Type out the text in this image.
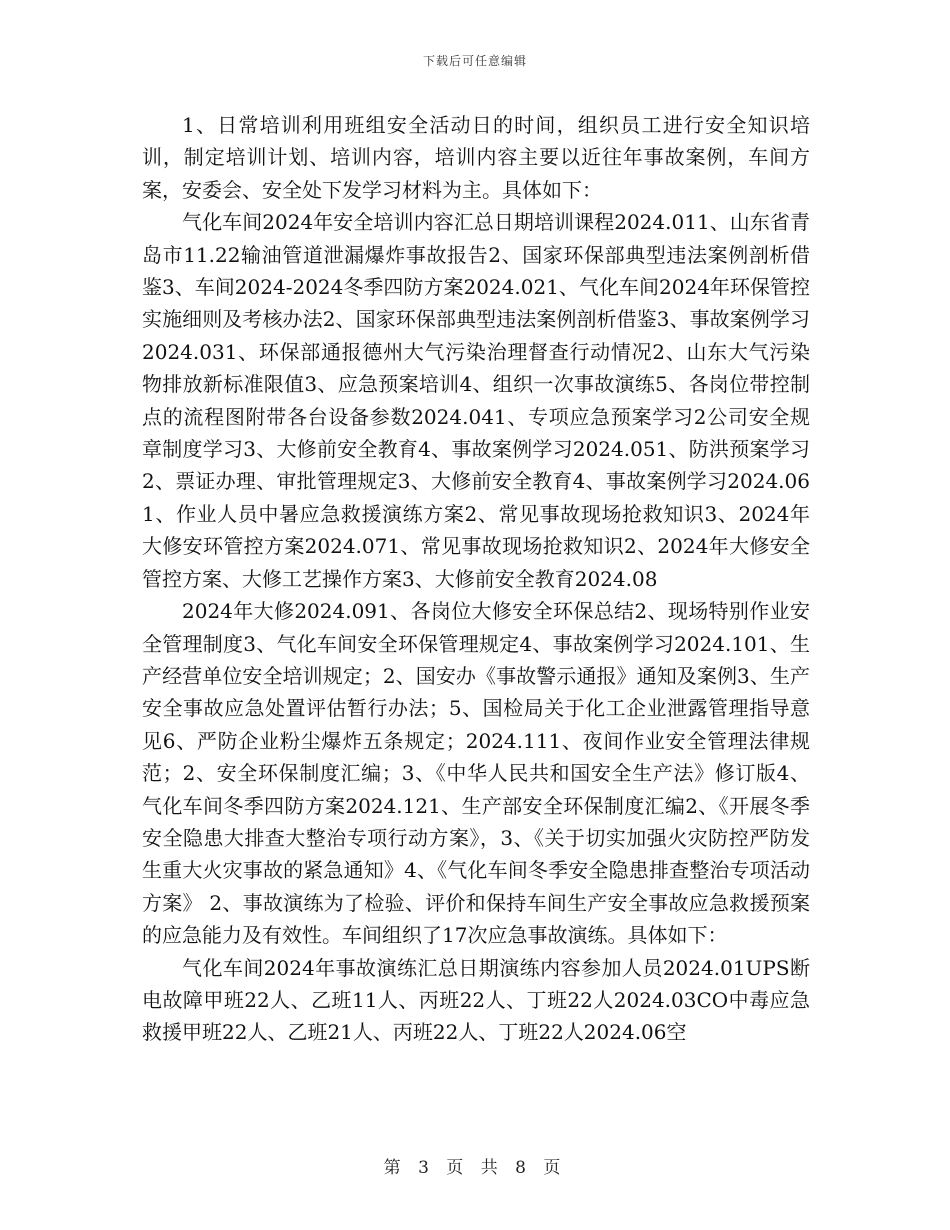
下载后可任意编辑

1、日常培训利用班组安全活动日的时间，组织员工进行安全知识培训，制定培训计划、培训内容，培训内容主要以近往年事故案例，车间方案，安委会、安全处下发学习材料为主。具体如下：

气化车间2024年安全培训内容汇总日期培训课程2024.011、山东省青岛市11.22输油管道泄漏爆炸事故报告2、国家环保部典型违法案例剖析借鉴3、车间2024-2024冬季四防方案2024.021、气化车间2024年环保管控实施细则及考核办法2、国家环保部典型违法案例剖析借鉴3、事故案例学习2024.031、环保部通报德州大气污染治理督查行动情况2、山东大气污染物排放新标准限值3、应急预案培训4、组织一次事故演练5、各岗位带控制点的流程图附带各台设备参数2024.041、专项应急预案学习2公司安全规章制度学习3、大修前安全教育4、事故案例学习2024.051、防洪预案学习2、票证办理、审批管理规定3、大修前安全教育4、事故案例学习2024.061、作业人员中暑应急救援演练方案2、常见事故现场抢救知识3、2024年大修安环管控方案2024.071、常见事故现场抢救知识2、2024年大修安全管控方案、大修工艺操作方案3、大修前安全教育2024.08

2024年大修2024.091、各岗位大修安全环保总结2、现场特别作业安全管理制度3、气化车间安全环保管理规定4、事故案例学习2024.101、生产经营单位安全培训规定；2、国安办《事故警示通报》通知及案例3、生产安全事故应急处置评估暂行办法；5、国检局关于化工企业泄露管理指导意见6、严防企业粉尘爆炸五条规定；2024.111、夜间作业安全管理法律规范；2、安全环保制度汇编；3、《中华人民共和国安全生产法》修订版4、气化车间冬季四防方案2024.121、生产部安全环保制度汇编2、《开展冬季安全隐患大排查大整治专项行动方案》，3、《关于切实加强火灾防控严防发生重大火灾事故的紧急通知》4、《气化车间冬季安全隐患排查整治专项活动方案》 2、事故演练为了检验、评价和保持车间生产安全事故应急救援预案的应急能力及有效性。车间组织了17次应急事故演练。具体如下：

气化车间2024年事故演练汇总日期演练内容参加人员2024.01UPS断电故障甲班22人、乙班11人、丙班22人、丁班22人2024.03CO中毒应急救援甲班22人、乙班21人、丙班22人、丁班22人2024.06空

第 3 页 共 8 页
